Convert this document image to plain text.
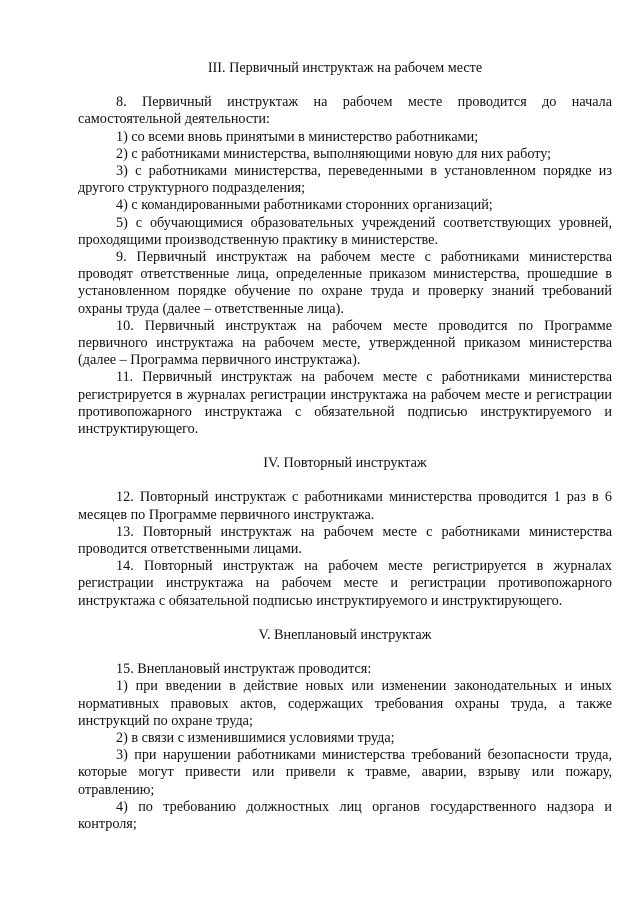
III. Первичный инструктаж на рабочем месте

8. Первичный инструктаж на рабочем месте проводится до начала самостоятельной деятельности:

1) со всеми вновь принятыми в министерство работниками;

2) с работниками министерства, выполняющими новую для них работу;

3) с работниками министерства, переведенными в установленном порядке из другого структурного подразделения;

4) с командированными работниками сторонних организаций;

5) с обучающимися образовательных учреждений соответствующих уровней, проходящими производственную практику в министерстве.

9. Первичный инструктаж на рабочем месте с работниками министерства проводят ответственные лица, определенные приказом министерства, прошедшие в установленном порядке обучение по охране труда и проверку знаний требований охраны труда (далее – ответственные лица).

10. Первичный инструктаж на рабочем месте проводится по Программе первичного инструктажа на рабочем месте, утвержденной приказом министерства (далее – Программа первичного инструктажа).

11. Первичный инструктаж на рабочем месте с работниками министерства регистрируется в журналах регистрации инструктажа на рабочем месте и регистрации противопожарного инструктажа с обязательной подписью инструктируемого и инструктирующего.

IV. Повторный инструктаж

12. Повторный инструктаж с работниками министерства проводится 1 раз в 6 месяцев по Программе первичного инструктажа.

13. Повторный инструктаж на рабочем месте с работниками министерства проводится ответственными лицами.

14. Повторный инструктаж на рабочем месте регистрируется в журналах регистрации инструктажа на рабочем месте и регистрации противопожарного инструктажа с обязательной подписью инструктируемого и инструктирующего.

V. Внеплановый инструктаж

15. Внеплановый инструктаж проводится:

1) при введении в действие новых или изменении законодательных и иных нормативных правовых актов, содержащих требования охраны труда, а также инструкций по охране труда;

2) в связи с изменившимися условиями труда;

3) при нарушении работниками министерства требований безопасности труда, которые могут привести или привели к травме, аварии, взрыву или пожару, отравлению;

4) по требованию должностных лиц органов государственного надзора и контроля;
